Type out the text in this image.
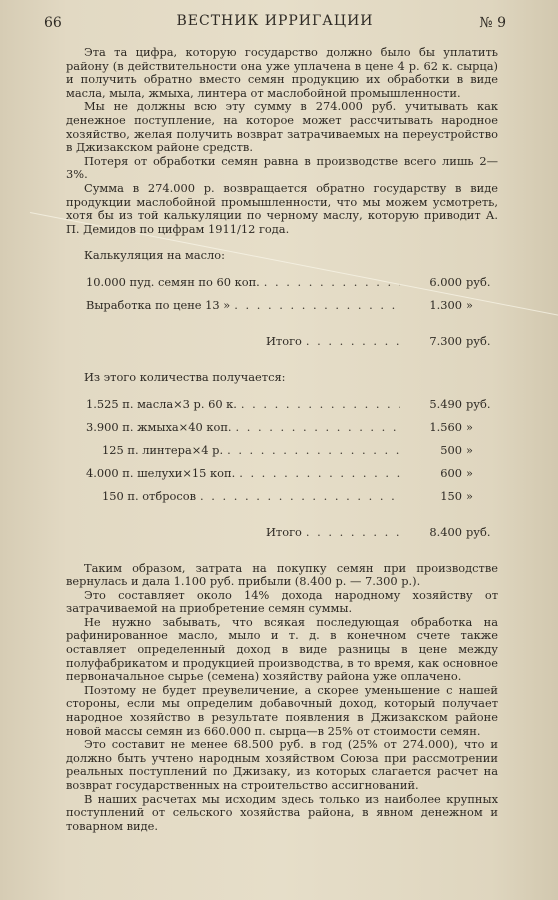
66	ВЕСТНИК ИРРИГАЦИИ	№ 9

Эта та цифра, которую государство должно было бы уплатить району (в действительности она уже уплачена в цене 4 р. 62 к. сырца) и получить обратно вместо семян продукцию их обработки в виде масла, мыла, жмыха, линтера от маслобойной промышленности.

Мы не должны всю эту сумму в 274.000 руб. учитывать как денежное поступление, на которое может рассчитывать народное хозяйство, желая получить возврат затрачиваемых на переустройство в Джизакском районе средств.

Потеря от обработки семян равна в производстве всего лишь 2—3%.

Сумма в 274.000 р. возвращается обратно государству в виде продукции маслобойной промышленности, что мы можем усмотреть, хотя бы из той калькуляции по черному маслу, которую приводит А. П. Демидов по цифрам 1911/12 года.

Калькуляция на масло:

10.000 пуд. семян по 60 коп. . . .	6.000 руб.
Выработка по цене 13 » . . .	1.300 »
Итого . . .	7.300 руб.

Из этого количества получается:

1.525 п. масла×3 р. 60 к. . . .	5.490 руб.
3.900 п. жмыха×40 коп. . . .	1.560 »
125 п. линтера×4 р. . . .	500 »
4.000 п. шелухи×15 коп. . . .	600 »
150 п. отбросов . . .	150 »
Итого . . .	8.400 руб.

Таким образом, затрата на покупку семян при производстве вернулась и дала 1.100 руб. прибыли (8.400 р. — 7.300 р.).

Это составляет около 14% дохода народному хозяйству от затрачиваемой на приобретение семян суммы.

Не нужно забывать, что всякая последующая обработка на рафинированное масло, мыло и т. д. в конечном счете также оставляет определенный доход в виде разницы в цене между полуфабрикатом и продукцией производства, в то время, как основное первоначальное сырье (семена) хозяйству района уже оплачено.

Поэтому не будет преувеличение, а скорее уменьшение с нашей стороны, если мы определим добавочный доход, который получает народное хозяйство в результате появления в Джизакском районе новой массы семян из 660.000 п. сырца—в 25% от стоимости семян.

Это составит не менее 68.500 руб. в год (25% от 274.000), что и должно быть учтено народным хозяйством Союза при рассмотрении реальных поступлений по Джизаку, из которых слагается расчет на возврат государственных на строительство ассигнований.

В наших расчетах мы исходим здесь только из наиболее крупных поступлений от сельского хозяйства района, в явном денежном и товарном виде.
